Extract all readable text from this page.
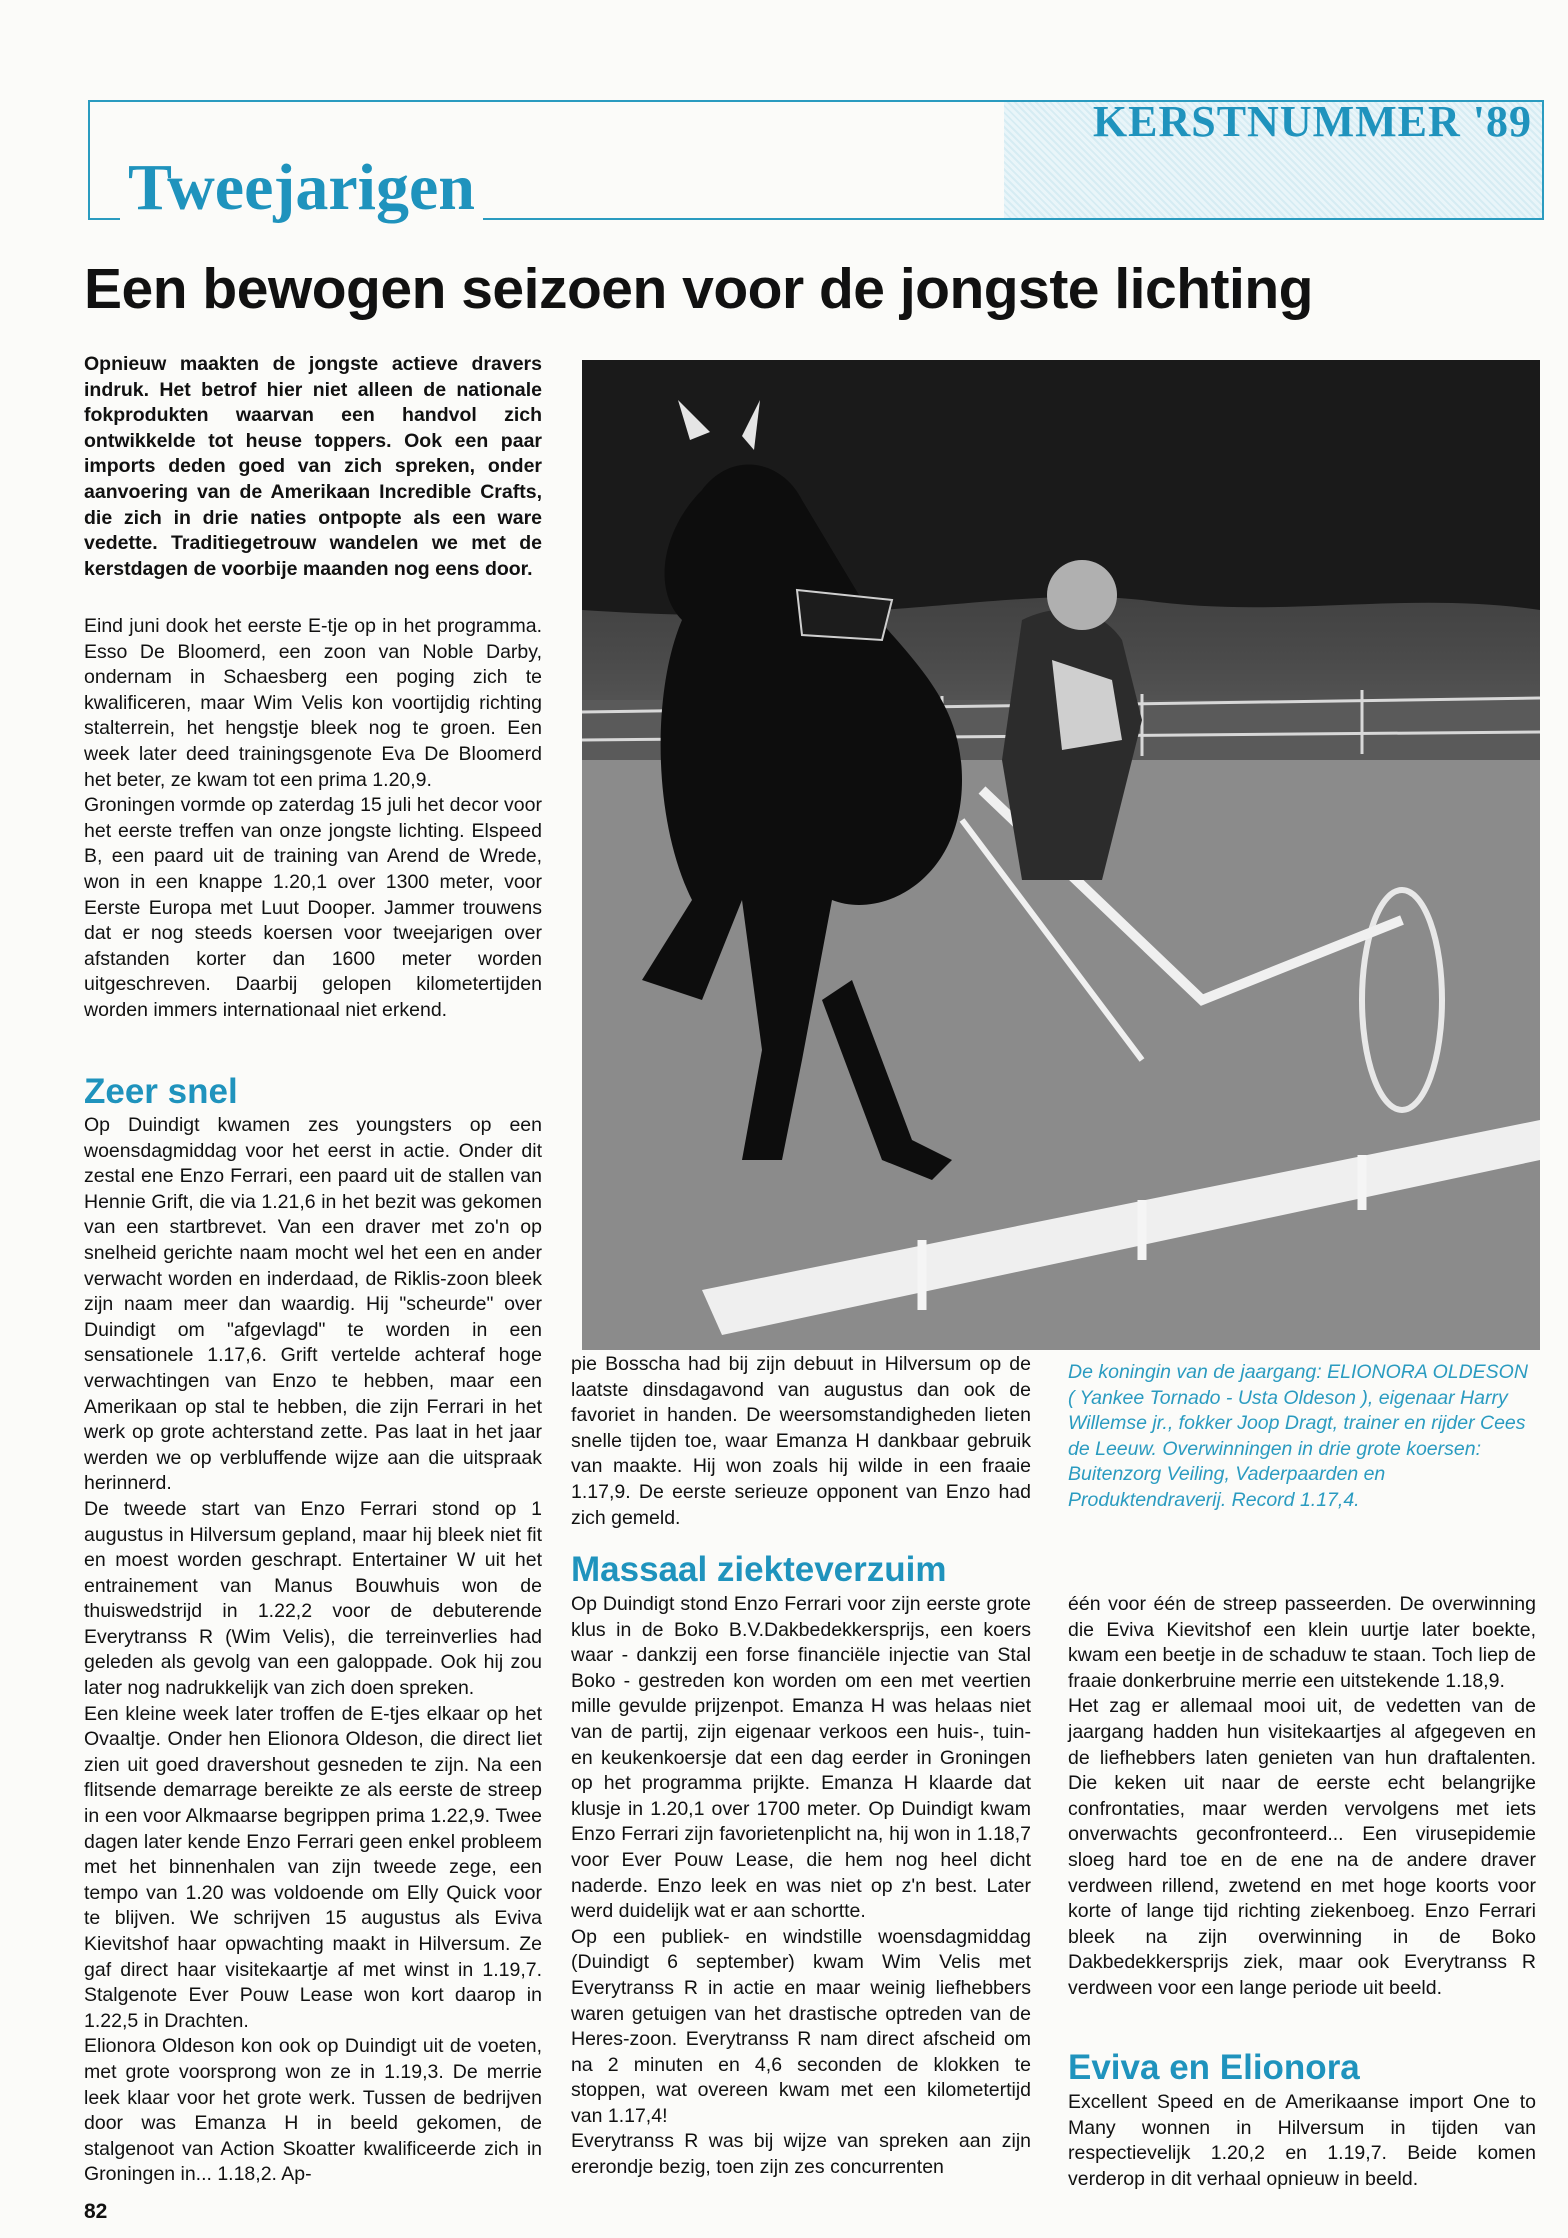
KERSTNUMMER '89
Tweejarigen
Een bewogen seizoen voor de jongste lichting

Opnieuw maakten de jongste actieve dravers indruk. Het betrof hier niet alleen de nationale fokprodukten waarvan een handvol zich ontwikkelde tot heuse toppers. Ook een paar imports deden goed van zich spreken, onder aanvoering van de Amerikaan Incredible Crafts, die zich in drie naties ontpopte als een ware vedette. Traditiegetrouw wandelen we met de kerstdagen de voorbije maanden nog eens door.

Eind juni dook het eerste E-tje op in het programma. Esso De Bloomerd, een zoon van Noble Darby, ondernam in Schaesberg een poging zich te kwalificeren, maar Wim Velis kon voortijdig richting stalterrein, het hengstje bleek nog te groen. Een week later deed trainingsgenote Eva De Bloomerd het beter, ze kwam tot een prima 1.20,9.

Groningen vormde op zaterdag 15 juli het decor voor het eerste treffen van onze jongste lichting. Elspeed B, een paard uit de training van Arend de Wrede, won in een knappe 1.20,1 over 1300 meter, voor Eerste Europa met Luut Dooper. Jammer trouwens dat er nog steeds koersen voor tweejarigen over afstanden korter dan 1600 meter worden uitgeschreven. Daarbij gelopen kilometertijden worden immers internationaal niet erkend.

Zeer snel

Op Duindigt kwamen zes youngsters op een woensdagmiddag voor het eerst in actie. Onder dit zestal ene Enzo Ferrari, een paard uit de stallen van Hennie Grift, die via 1.21,6 in het bezit was gekomen van een startbrevet. Van een draver met zo'n op snelheid gerichte naam mocht wel het een en ander verwacht worden en inderdaad, de Riklis-zoon bleek zijn naam meer dan waardig. Hij "scheurde" over Duindigt om "afgevlagd" te worden in een sensationele 1.17,6. Grift vertelde achteraf hoge verwachtingen van Enzo te hebben, maar een Amerikaan op stal te hebben, die zijn Ferrari in het werk op grote achterstand zette. Pas laat in het jaar werden we op verbluffende wijze aan die uitspraak herinnerd.

De tweede start van Enzo Ferrari stond op 1 augustus in Hilversum gepland, maar hij bleek niet fit en moest worden geschrapt. Entertainer W uit het entrainement van Manus Bouwhuis won de thuiswedstrijd in 1.22,2 voor de debuterende Everytranss R (Wim Velis), die terreinverlies had geleden als gevolg van een galoppade. Ook hij zou later nog nadrukkelijk van zich doen spreken.

Een kleine week later troffen de E-tjes elkaar op het Ovaaltje. Onder hen Elionora Oldeson, die direct liet zien uit goed dravershout gesneden te zijn. Na een flitsende demarrage bereikte ze als eerste de streep in een voor Alkmaarse begrippen prima 1.22,9. Twee dagen later kende Enzo Ferrari geen enkel probleem met het binnenhalen van zijn tweede zege, een tempo van 1.20 was voldoende om Elly Quick voor te blijven. We schrijven 15 augustus als Eviva Kievitshof haar opwachting maakt in Hilversum. Ze gaf direct haar visitekaartje af met winst in 1.19,7. Stalgenote Ever Pouw Lease won kort daarop in 1.22,5 in Drachten.

Elionora Oldeson kon ook op Duindigt uit de voeten, met grote voorsprong won ze in 1.19,3. De merrie leek klaar voor het grote werk. Tussen de bedrijven door was Emanza H in beeld gekomen, de stalgenoot van Action Skoatter kwalificeerde zich in Groningen in... 1.18,2. Ap-

pie Bosscha had bij zijn debuut in Hilversum op de laatste dinsdagavond van augustus dan ook de favoriet in handen. De weersomstandigheden lieten snelle tijden toe, waar Emanza H dankbaar gebruik van maakte. Hij won zoals hij wilde in een fraaie 1.17,9. De eerste serieuze opponent van Enzo had zich gemeld.

De koningin van de jaargang: ELIONORA OLDESON ( Yankee Tornado - Usta Oldeson ), eigenaar Harry Willemse jr., fokker Joop Dragt, trainer en rijder Cees de Leeuw. Overwinningen in drie grote koersen: Buitenzorg Veiling, Vaderpaarden en Produktendraverij. Record 1.17,4.
Massaal ziekteverzuim

Op Duindigt stond Enzo Ferrari voor zijn eerste grote klus in de Boko B.V.Dakbedekkersprijs, een koers waar - dankzij een forse financiële injectie van Stal Boko - gestreden kon worden om een met veertien mille gevulde prijzenpot. Emanza H was helaas niet van de partij, zijn eigenaar verkoos een huis-, tuin- en keukenkoersje dat een dag eerder in Groningen op het programma prijkte. Emanza H klaarde dat klusje in 1.20,1 over 1700 meter. Op Duindigt kwam Enzo Ferrari zijn favorietenplicht na, hij won in 1.18,7 voor Ever Pouw Lease, die hem nog heel dicht naderde. Enzo leek en was niet op z'n best. Later werd duidelijk wat er aan schortte.

Op een publiek- en windstille woensdagmiddag (Duindigt 6 september) kwam Wim Velis met Everytranss R in actie en maar weinig liefhebbers waren getuigen van het drastische optreden van de Heres-zoon. Everytranss R nam direct afscheid om na 2 minuten en 4,6 seconden de klokken te stoppen, wat overeen kwam met een kilometertijd van 1.17,4!

Everytranss R was bij wijze van spreken aan zijn ererondje bezig, toen zijn zes concurrenten

één voor één de streep passeerden. De overwinning die Eviva Kievitshof een klein uurtje later boekte, kwam een beetje in de schaduw te staan. Toch liep de fraaie donkerbruine merrie een uitstekende 1.18,9.

Het zag er allemaal mooi uit, de vedetten van de jaargang hadden hun visitekaartjes al afgegeven en de liefhebbers laten genieten van hun draftalenten. Die keken uit naar de eerste echt belangrijke confrontaties, maar werden vervolgens met iets onverwachts geconfronteerd... Een virusepidemie sloeg hard toe en de ene na de andere draver verdween rillend, zwetend en met hoge koorts voor korte of lange tijd richting ziekenboeg. Enzo Ferrari bleek na zijn overwinning in de Boko Dakbedekkersprijs ziek, maar ook Everytranss R verdween voor een lange periode uit beeld.

Eviva en Elionora

Excellent Speed en de Amerikaanse import One to Many wonnen in Hilversum in tijden van respectievelijk 1.20,2 en 1.19,7. Beide komen verderop in dit verhaal opnieuw in beeld.

82
